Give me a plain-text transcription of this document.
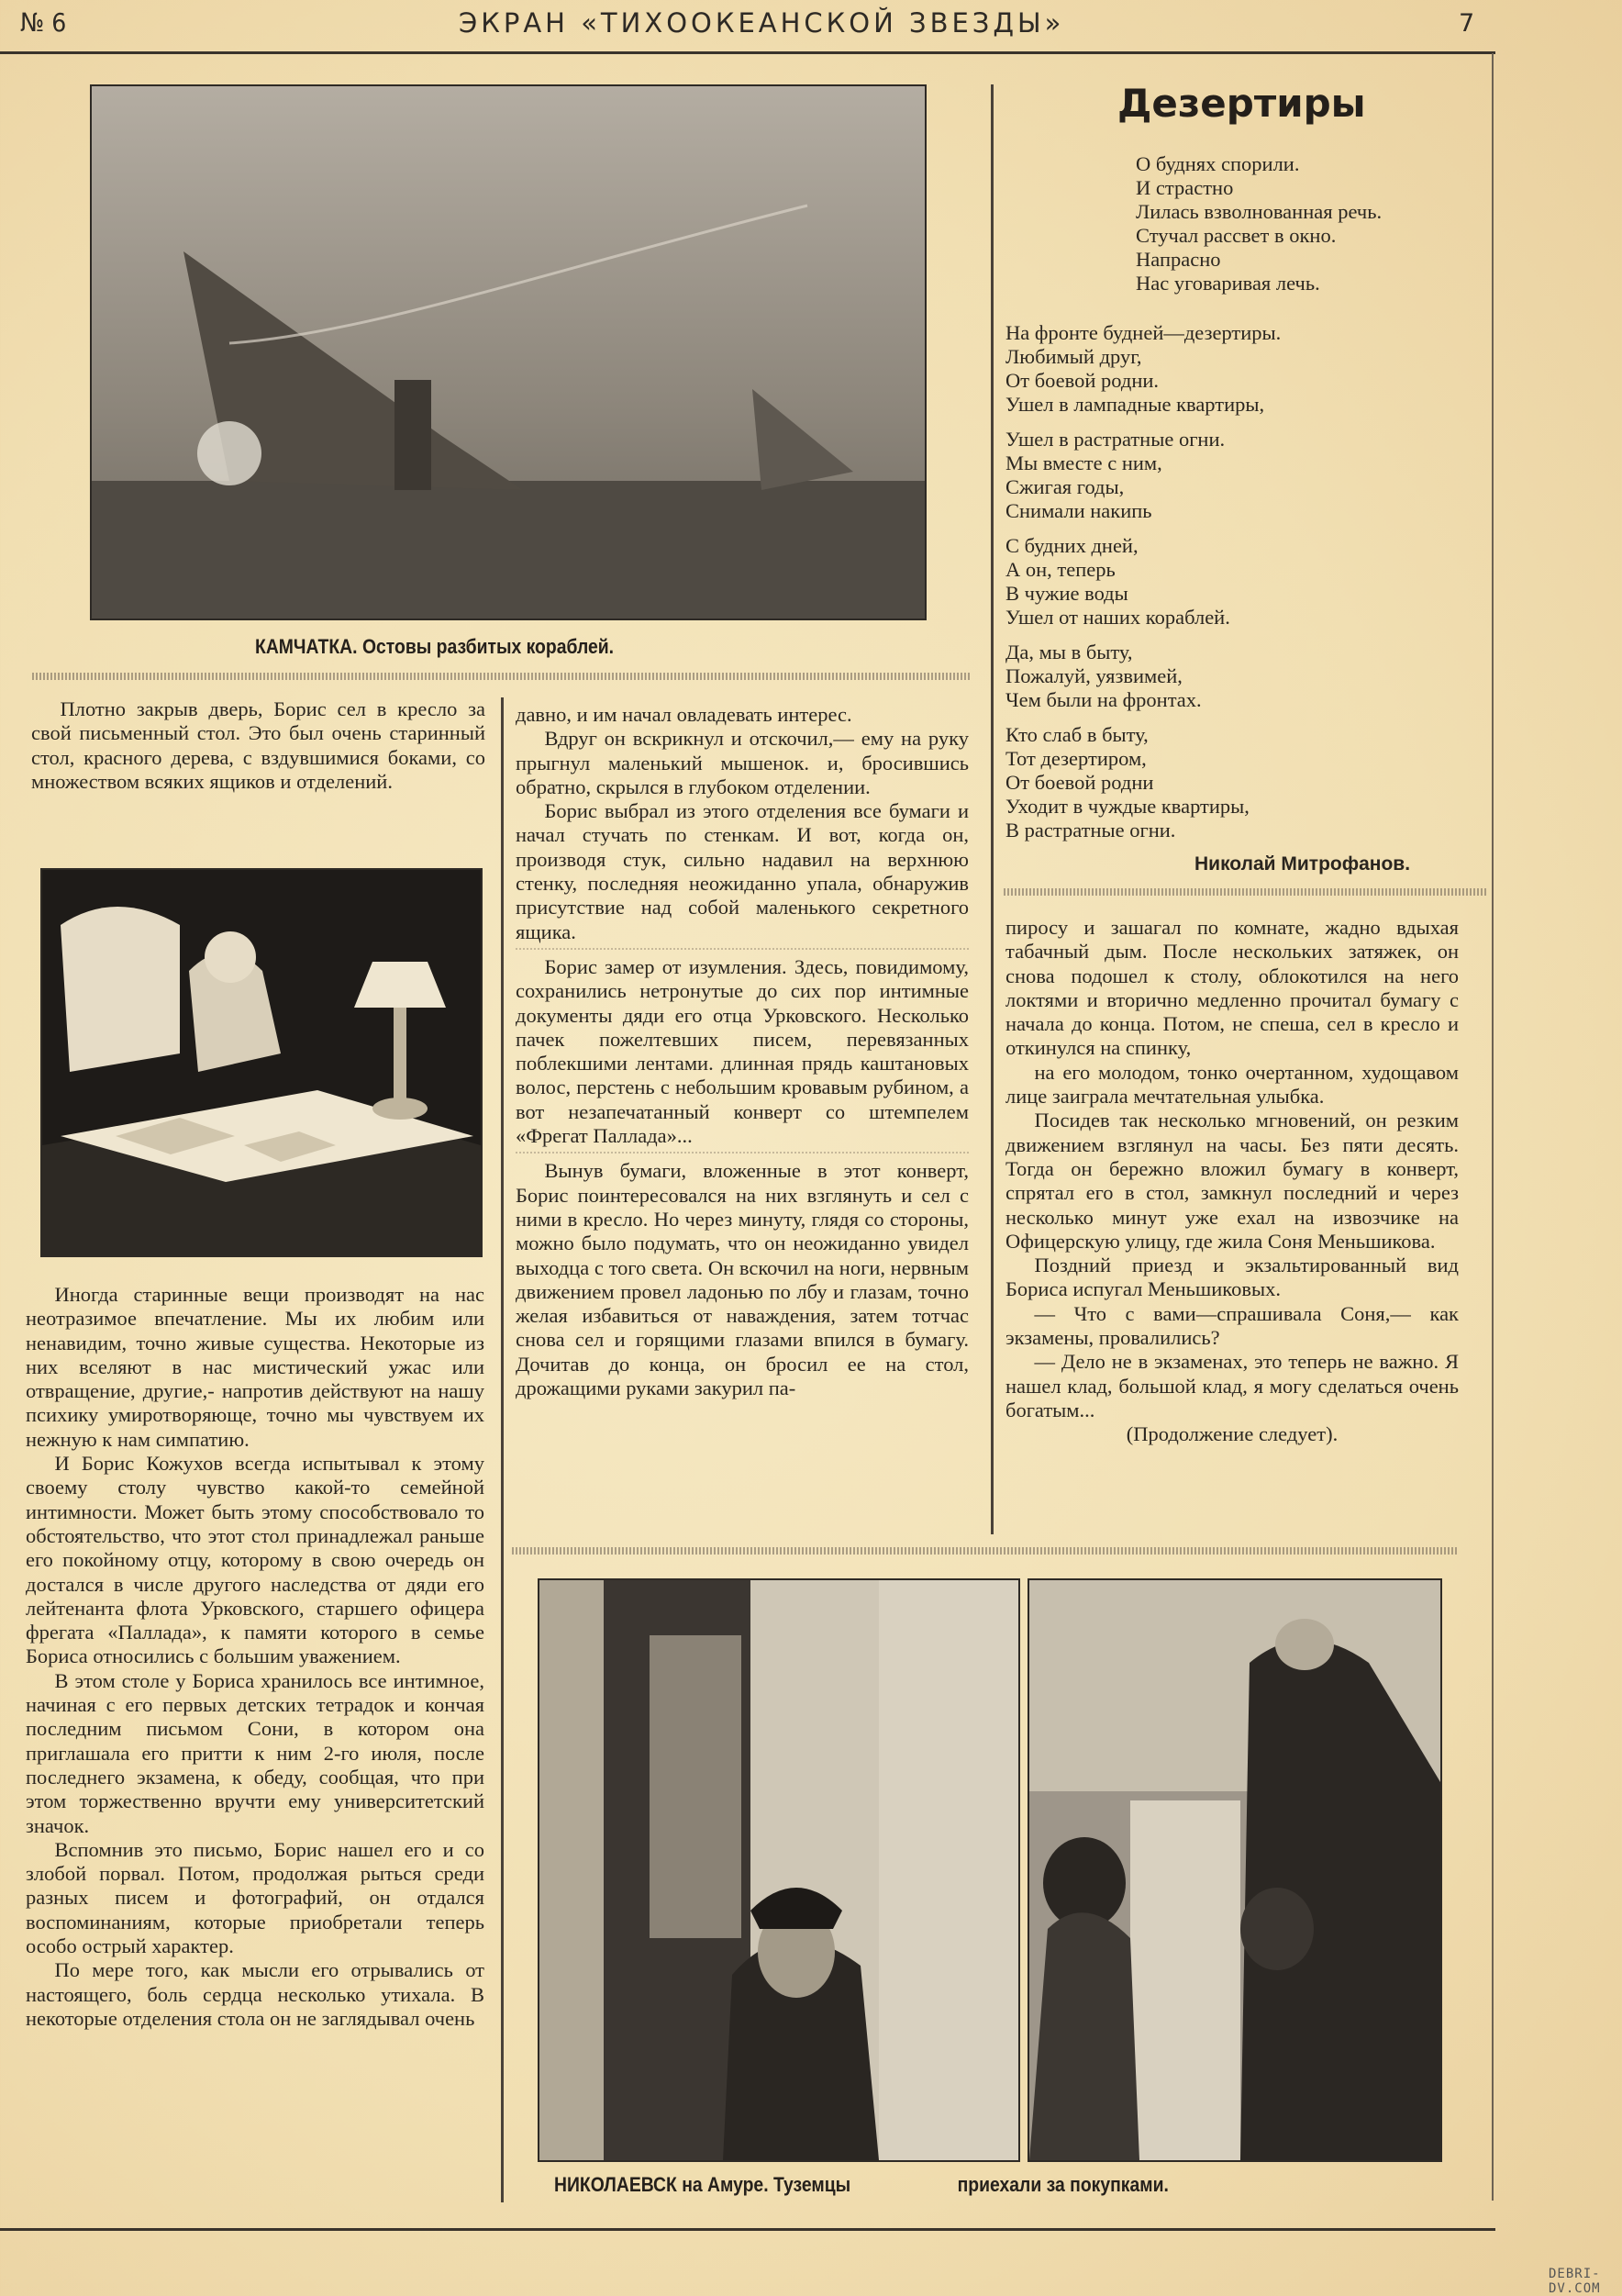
№ 6	ЭКРАН «ТИХООКЕАНСКОЙ ЗВЕЗДЫ»	7
КАМЧАТКА. Остовы разбитых кораблей.

Плотно закрыв дверь, Борис сел в кресло за свой письменный стол. Это был очень старинный стол, красного дерева, с вздувшимися боками, со множеством всяких ящиков и отделений.

Иногда старинные вещи производят на нас неотразимое впечатление. Мы их любим или ненавидим, точно живые существа. Некоторые из них вселяют в нас мистический ужас или отвращение, другие,- напротив действуют на нашу психику умиротворяюще, точно мы чувствуем их нежную к нам симпатию.

И Борис Кожухов всегда испытывал к этому своему столу чувство какой-то семейной интимности. Может быть этому способствовало то обстоятельство, что этот стол принадлежал раньше его покойному отцу, которому в свою очередь он достался в числе другого наследства от дяди его лейтенанта флота Урковского, старшего офицера фрегата «Паллада», к памяти которого в семье Бориса относились с большим уважением.

В этом столе у Бориса хранилось все интимное, начиная с его первых детских тетрадок и кончая последним письмом Сони, в котором она приглашала его притти к ним 2-го июля, после последнего экзамена, к обеду, сообщая, что при этом торжественно вручти ему университетский значок.

Вспомнив это письмо, Борис нашел его и со злобой порвал. Потом, продолжая рыться среди разных писем и фотографий, он отдался воспоминаниям, которые приобретали теперь особо острый характер.

По мере того, как мысли его отрывались от настоящего, боль сердца несколько утихала. В некоторые отделения стола он не заглядывал очень

давно, и им начал овладевать интерес.

Вдруг он вскрикнул и отскочил,— ему на руку прыгнул маленький мышенок. и, бросившись обратно, скрылся в глубоком отделении.

Борис выбрал из этого отделения все бумаги и начал стучать по стенкам. И вот, когда он, производя стук, сильно надавил на верхнюю стенку, последняя неожиданно упала, обнаружив присутствие над собой маленького секретного ящика.

Борис замер от изумления. Здесь, повидимому, сохранились нетронутые до сих пор интимные документы дяди его отца Урковского. Несколько пачек пожелтевших писем, перевязанных поблекшими лентами. длинная прядь каштановых волос, перстень с небольшим кровавым рубином, а вот незапечатанный конверт со штемпелем «Фрегат Паллада»...

Вынув бумаги, вложенные в этот конверт, Борис поинтересовался на них взглянуть и сел с ними в кресло. Но через минуту, глядя со стороны, можно было подумать, что он неожиданно увидел выходца с того света. Он вскочил на ноги, нервным движением провел ладонью по лбу и глазам, точно желая избавиться от наваждения, затем тотчас снова сел и горящими глазами впился в бумагу. Дочитав до конца, он бросил ее на стол, дрожащими руками закурил па-

Дезертиры
О буднях спорили.
И страстно
Лилась взволнованная речь.
Стучал рассвет в окно.
Напрасно
Нас уговаривая лечь.
На фронте будней—дезертиры.
Любимый друг,
От боевой родни.
Ушел в лампадные квартиры,
Ушел в растратные огни.
Мы вместе с ним,
Сжигая годы,
Снимали накипь
С будних дней,
А он, теперь
В чужие воды
Ушел от наших кораблей.
Да, мы в быту,
Пожалуй, уязвимей,
Чем были на фронтах.
Кто слаб в быту,
Тот дезертиром,
От боевой родни
Уходит в чуждые квартиры,
В растратные огни.
Николай Митрофанов.

пиросу и зашагал по комнате, жадно вдыхая табачный дым. После нескольких затяжек, он снова подошел к столу, облокотился на него локтями и вторично медленно прочитал бумагу с начала до конца. Потом, не спеша, сел в кресло и откинулся на спинку,

на его молодом, тонко очертанном, худощавом лице заиграла мечтательная улыбка.

Посидев так несколько мгновений, он резким движением взглянул на часы. Без пяти десять. Тогда он бережно вложил бумагу в конверт, спрятал его в стол, замкнул последний и через несколько минут уже ехал на извозчике на Офицерскую улицу, где жила Соня Меньшикова.

Поздний приезд и экзальтированный вид Бориса испугал Меньшиковых.

— Что с вами—спрашивала Соня,— как экзамены, провалились?

— Дело не в экзаменах, это теперь не важно. Я нашел клад, большой клад, я могу сделаться очень богатым...

(Продолжение следует).

НИКОЛАЕВСК на Амуре. Туземцы	приехали за покупками.
DEBRI-DV.COM
